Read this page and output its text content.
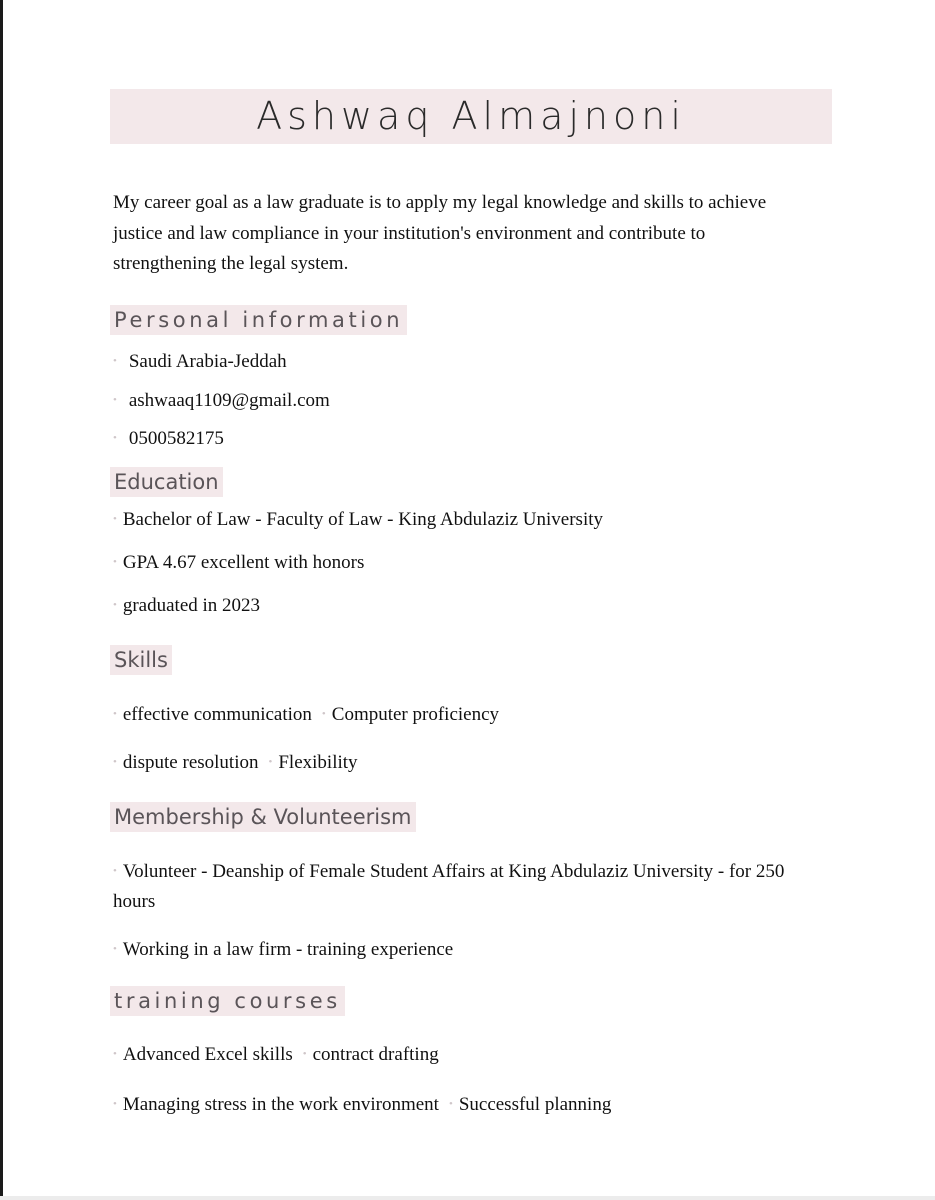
Ashwaq Almajnoni
My career goal as a law graduate is to apply my legal knowledge and skills to achieve justice and law compliance in your institution's environment and contribute to strengthening the legal system.
Personal information
• Saudi Arabia-Jeddah
• ashwaaq1109@gmail.com
• 0500582175
Education
• Bachelor of Law - Faculty of Law - King Abdulaziz University
• GPA 4.67 excellent with honors
• graduated in 2023
Skills
• effective communication • Computer proficiency
• dispute resolution • Flexibility
Membership & Volunteerism
• Volunteer - Deanship of Female Student Affairs at King Abdulaziz University - for 250 hours
• Working in a law firm - training experience
training courses
• Advanced Excel skills • contract drafting
• Managing stress in the work environment • Successful planning
